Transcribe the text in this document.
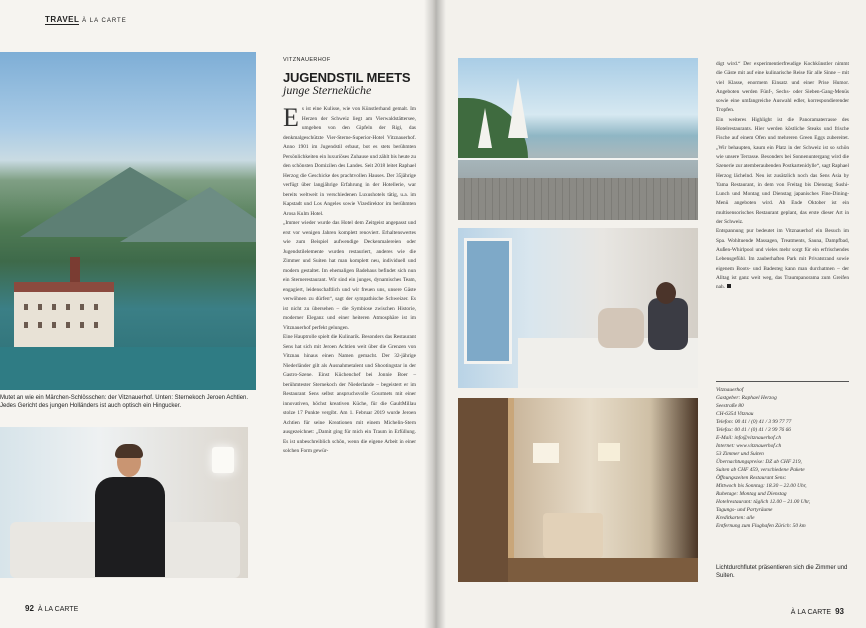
TRAVEL À LA CARTE
Mutet an wie ein Märchen-Schlösschen: der Vitznauerhof. Unten: Sternekoch Jeroen Achtien. Jedes Gericht des jungen Holländers ist auch optisch ein Hingucker.
VITZNAUERHOF
JUGENDSTIL MEETS
junge Sterneküche

Es ist eine Kulisse, wie von Künstlerhand gemalt. Im Herzen der Schweiz liegt am Vierwaldstättersee, umgeben von den Gipfeln der Rigi, das denkmalgeschützte Vier-Sterne-Superior-Hotel Vitznauerhof. Anno 1901 im Jugendstil erbaut, bot es stets berühmten Persönlichkeiten ein luxuriöses Zuhause und zählt bis heute zu den schönsten Domizilen des Landes. Seit 2018 leitet Raphael Herzog die Geschicke des prachtvollen Hauses. Der 35jährige verfügt über langjährige Erfahrung in der Hotellerie, war bereits weltweit in verschiedenen Luxushotels tätig, u.a. im Kapstadt und Los Angeles sowie Vizedirektor im berühmten Arosa Kulm Hotel.

„Immer wieder wurde das Hotel dem Zeitgeist angepasst und erst vor wenigen Jahren komplett renoviert. Erhaltenswertes wie zum Beispiel aufwendige Deckenmalereien oder Jugendstilelemente wurden restauriert, anderes wie die Zimmer und Suiten hat man komplett neu, individuell und modern gestaltet. Im ehemaligen Badehaus befindet sich nun ein Sternerestaurant. Wir sind ein junges, dynamisches Team, engagiert, leidenschaftlich und wir freuen uns, unsere Gäste verwöhnen zu dürfen“, sagt der sympathische Schweizer. Es ist nicht zu übersehen – die Symbiose zwischen Historie, moderner Eleganz und einer heiteren Atmosphäre ist im Vitznauerhof perfekt gelungen.

Eine Hauptrolle spielt die Kulinarik. Besonders das Restaurant Sens hat sich mit Jeroen Achtien weit über die Grenzen von Vitznau hinaus einen Namen gemacht. Der 32-jährige Niederländer gilt als Ausnahmetalent und Shootingstar in der Gastro-Szene. Einst Küchenchef bei Jonnie Boer – berühmtester Sternekoch der Niederlande – begeistert er im Restaurant Sens selbst anspruchsvolle Gourmets mit einer innovativen, höchst kreativen Küche, für die GaultMillau stolze 17 Punkte vergibt. Am 1. Februar 2019 wurde Jeroen Achtien für seine Kreationen mit einem Michelin-Stern ausgezeichnet: „Damit ging für mich ein Traum in Erfüllung. Es ist unbeschreiblich schön, wenn die eigene Arbeit in einer solchen Form gewür-

92 À LA CARTE

digt wird.“ Der experimentierfreudige Kochkünstler nimmt die Gäste mit auf eine kulinarische Reise für alle Sinne – mit viel Klasse, enormem Einsatz und einer Prise Humor. Angeboten werden Fünf-, Sechs- oder Sieben-Gang-Menüs sowie eine umfangreiche Auswahl edler, korrespondierender Tropfen.

Ein weiteres Highlight ist die Panoramaterrasse des Hotelrestaurants. Hier werden köstliche Steaks und frische Fische auf einem Ofen und mehreren Green Eggs zubereitet. „Wir behaupten, kaum ein Platz in der Schweiz ist so schön wie unsere Terrasse. Besonders bei Sonnenuntergang wird die Szenerie zur atemberaubenden Postkartenidylle“, sagt Raphael Herzog lächelnd. Neu ist zusätzlich noch das Sens Asia by Yama Restaurant, in dem von Freitag bis Dienstag Sushi-Lunch und Montag und Dienstag japanisches Fine-Dining-Menü angeboten wird. Ab Ende Oktober ist ein multisensorisches Restaurant geplant, das erste dieser Art in der Schweiz.

Entspannung pur bedeutet im Vitznauerhof ein Besuch im Spa. Wohltuende Massagen, Treatments, Sauna, Dampfbad, Außen-Whirlpool und vieles mehr sorgt für ein erfrischendes Lebensgefühl. Im zauberhaften Park mit Privatstrand sowie eigenem Boots- und Badesteg kann man durchatmen – der Alltag ist ganz weit weg, das Traumpanorama zum Greifen nah.

Vitznauerhof
Gastgeber: Raphael Herzog
Seestraße 80
CH-6354 Vitznau
Telefon: 00 41 / (0) 41 / 3 99 77 77
Telefax: 00 41 / (0) 41 / 3 99 76 66
E-Mail: info@vitznauerhof.ch
Internet: www.vitznauerhof.ch
53 Zimmer und Suiten
Übernachtungspreise: DZ ab CHF 219,
Suiten ab CHF 459, verschiedene Pakete
Öffnungszeiten Restaurant Sens:
Mittwoch bis Sonntag: 18.30 – 22.00 Uhr,
Ruhetage: Montag und Dienstag
Hotelrestaurant: täglich 12.00 – 21.00 Uhr,
Tagungs- und Partyräume
Kreditkarten: alle
Entfernung zum Flughafen Zürich: 50 km
Lichtdurchflutet präsentieren sich die Zimmer und Suiten.
À LA CARTE 93
